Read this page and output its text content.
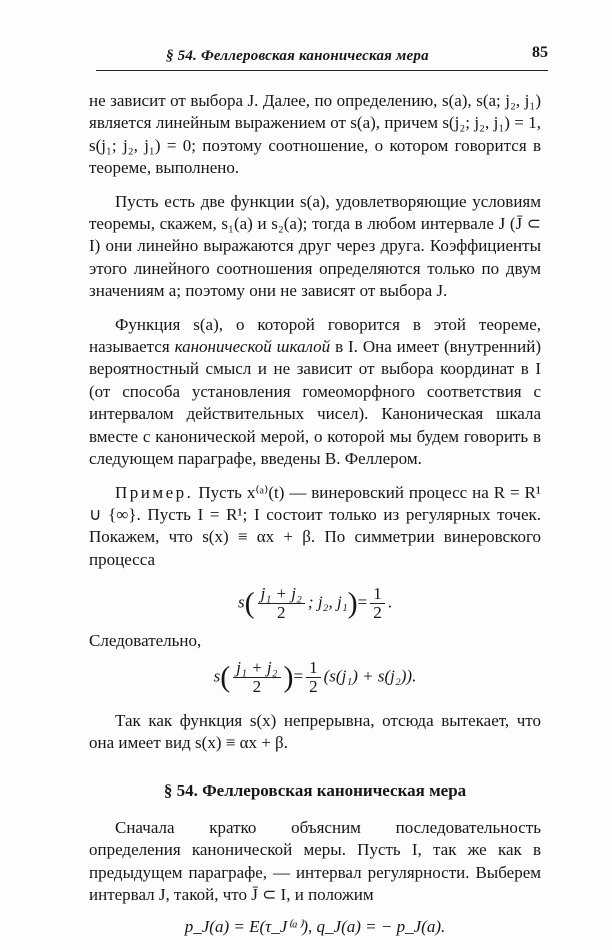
§ 54. Феллеровская каноническая мера	85

не зависит от выбора J. Далее, по определению, s(a), s(a; j₂, j₁) является линейным выражением от s(a), причем s(j₂; j₂, j₁) = 1, s(j₁; j₂, j₁) = 0; поэтому соотношение, о котором говорится в теореме, выполнено.

Пусть есть две функции s(a), удовлетворяющие условиям теоремы, скажем, s₁(a) и s₂(a); тогда в любом интервале J (J̄ ⊂ I) они линейно выражаются друг через друга. Коэффициенты этого линейного соотношения определяются только по двум значениям a; поэтому они не зависят от выбора J.

Функция s(a), о которой говорится в этой теореме, называется канонической шкалой в I. Она имеет (внутренний) вероятностный смысл и не зависит от выбора координат в I (от способа установления гомеоморфного соответствия с интервалом действительных чисел). Каноническая шкала вместе с канонической мерой, о которой мы будем говорить в следующем параграфе, введены В. Феллером.

Пример. Пусть x⁽ᵃ⁾(t) — винеровский процесс на R = R¹ ∪ {∞}. Пусть I = R¹; I состоит только из регулярных точек. Покажем, что s(x) ≡ αx + β. По симметрии винеровского процесса

$s( \frac{\text{j₁ + j₂}}{2}$ ; j₂, $j_1)= \frac{1}{2}$ .

Следовательно,

$s( \frac{\text{j₁ + j₂}}{2}$ )= $\frac{1}{2} (s(j_1) + s(j_2))$.

Так как функция s(x) непрерывна, отсюда вытекает, что она имеет вид s(x) ≡ αx + β.

§ 54. Феллеровская каноническая мера

Сначала кратко объясним последовательность определения канонической меры. Пусть I, так же как в предыдущем параграфе, — интервал регулярности. Выберем интервал J, такой, что J̄ ⊂ I, и положим

p_J(a) = E(τ_J⁽ᵃ⁾), q_J(a) = − p_J(a).
